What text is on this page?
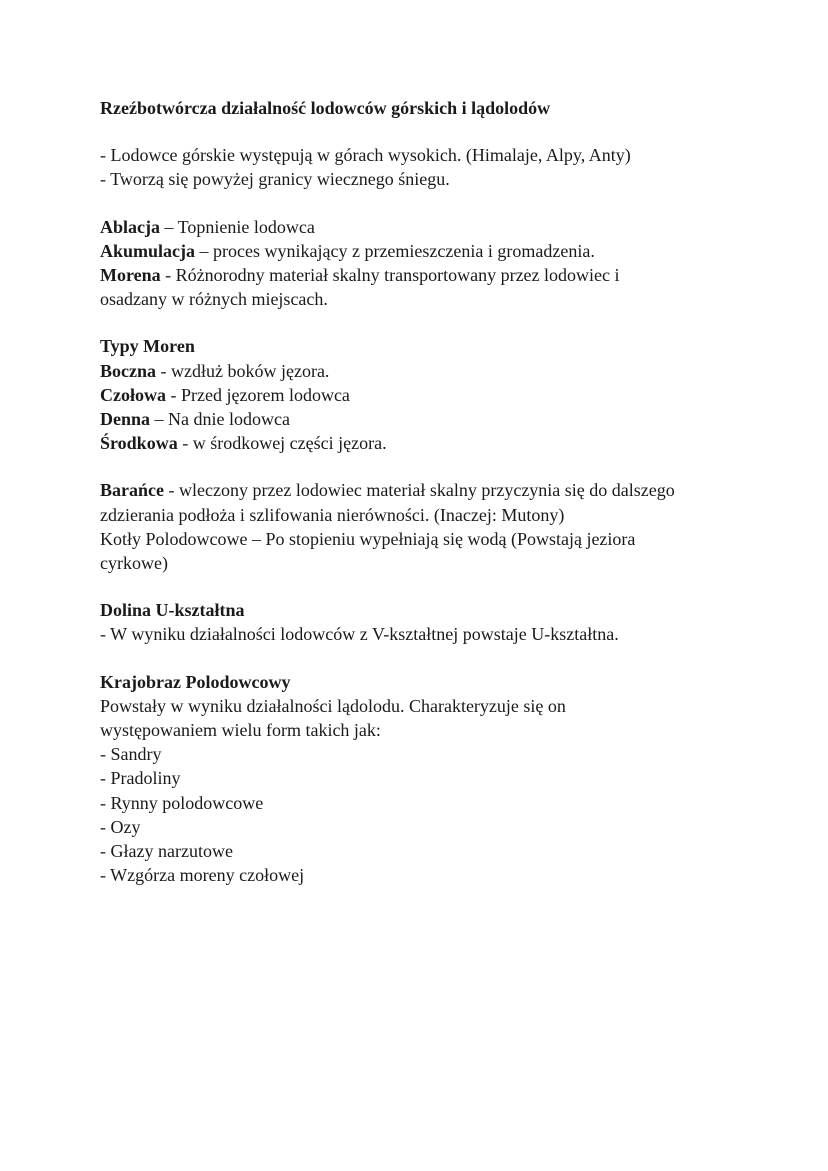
Rzeźbotwórcza działalność lodowców górskich i lądolodów

- Lodowce górskie występują w górach wysokich. (Himalaje, Alpy, Anty)

- Tworzą się powyżej granicy wiecznego śniegu.

Ablacja – Topnienie lodowca

Akumulacja – proces wynikający z przemieszczenia i gromadzenia.

Morena - Różnorodny materiał skalny transportowany przez lodowiec i osadzany w różnych miejscach.

Typy Moren

Boczna - wzdłuż boków jęzora.

Czołowa - Przed jęzorem lodowca

Denna – Na dnie lodowca

Środkowa - w środkowej części jęzora.

Barańce - wleczony przez lodowiec materiał skalny przyczynia się do dalszego zdzierania podłoża i szlifowania nierówności. (Inaczej: Mutony)

Kotły Polodowcowe – Po stopieniu wypełniają się wodą (Powstają jeziora cyrkowe)

Dolina U-kształtna

- W wyniku działalności lodowców z V-kształtnej powstaje U-kształtna.

Krajobraz Polodowcowy

Powstały w wyniku działalności lądolodu. Charakteryzuje się on występowaniem wielu form takich jak:

- Sandry

- Pradoliny

- Rynny polodowcowe

- Ozy

- Głazy narzutowe

- Wzgórza moreny czołowej
